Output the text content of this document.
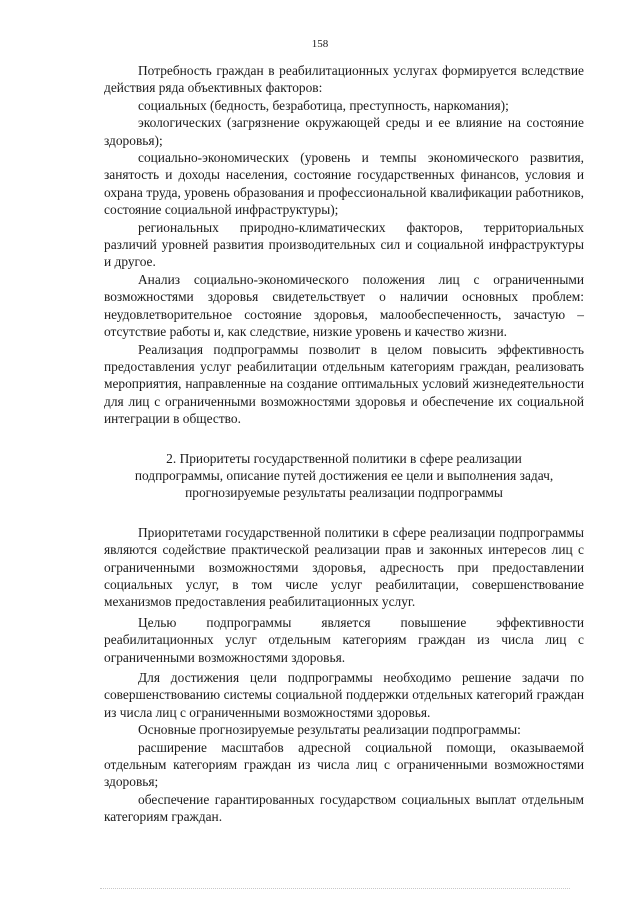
158

Потребность граждан в реабилитационных услугах формируется вследствие действия ряда объективных факторов:

социальных (бедность, безработица, преступность, наркомания);

экологических (загрязнение окружающей среды и ее влияние на состояние здоровья);

социально-экономических (уровень и темпы экономического развития, занятость и доходы населения, состояние государственных финансов, условия и охрана труда, уровень образования и профессиональной квалификации работников, состояние социальной инфраструктуры);

региональных природно-климатических факторов, территориальных различий уровней развития производительных сил и социальной инфраструктуры и другое.

Анализ социально-экономического положения лиц с ограниченными возможностями здоровья свидетельствует о наличии основных проблем: неудовлетворительное состояние здоровья, малообеспеченность, зачастую – отсутствие работы и, как следствие, низкие уровень и качество жизни.

Реализация подпрограммы позволит в целом повысить эффективность предоставления услуг реабилитации отдельным категориям граждан, реализовать мероприятия, направленные на создание оптимальных условий жизнедеятельности для лиц с ограниченными возможностями здоровья и обеспечение их социальной интеграции в общество.

2. Приоритеты государственной политики в сфере реализации
подпрограммы, описание путей достижения ее цели и выполнения задач,
прогнозируемые результаты реализации подпрограммы

Приоритетами государственной политики в сфере реализации подпрограммы являются содействие практической реализации прав и законных интересов лиц с ограниченными возможностями здоровья, адресность при предоставлении социальных услуг, в том числе услуг реабилитации, совершенствование механизмов предоставления реабилитационных услуг.

Целью подпрограммы является повышение эффективности реабилитационных услуг отдельным категориям граждан из числа лиц с ограниченными возможностями здоровья.

Для достижения цели подпрограммы необходимо решение задачи по совершенствованию системы социальной поддержки отдельных категорий граждан из числа лиц с ограниченными возможностями здоровья.

Основные прогнозируемые результаты реализации подпрограммы:

расширение масштабов адресной социальной помощи, оказываемой отдельным категориям граждан из числа лиц с ограниченными возможностями здоровья;

обеспечение гарантированных государством социальных выплат отдельным категориям граждан.
